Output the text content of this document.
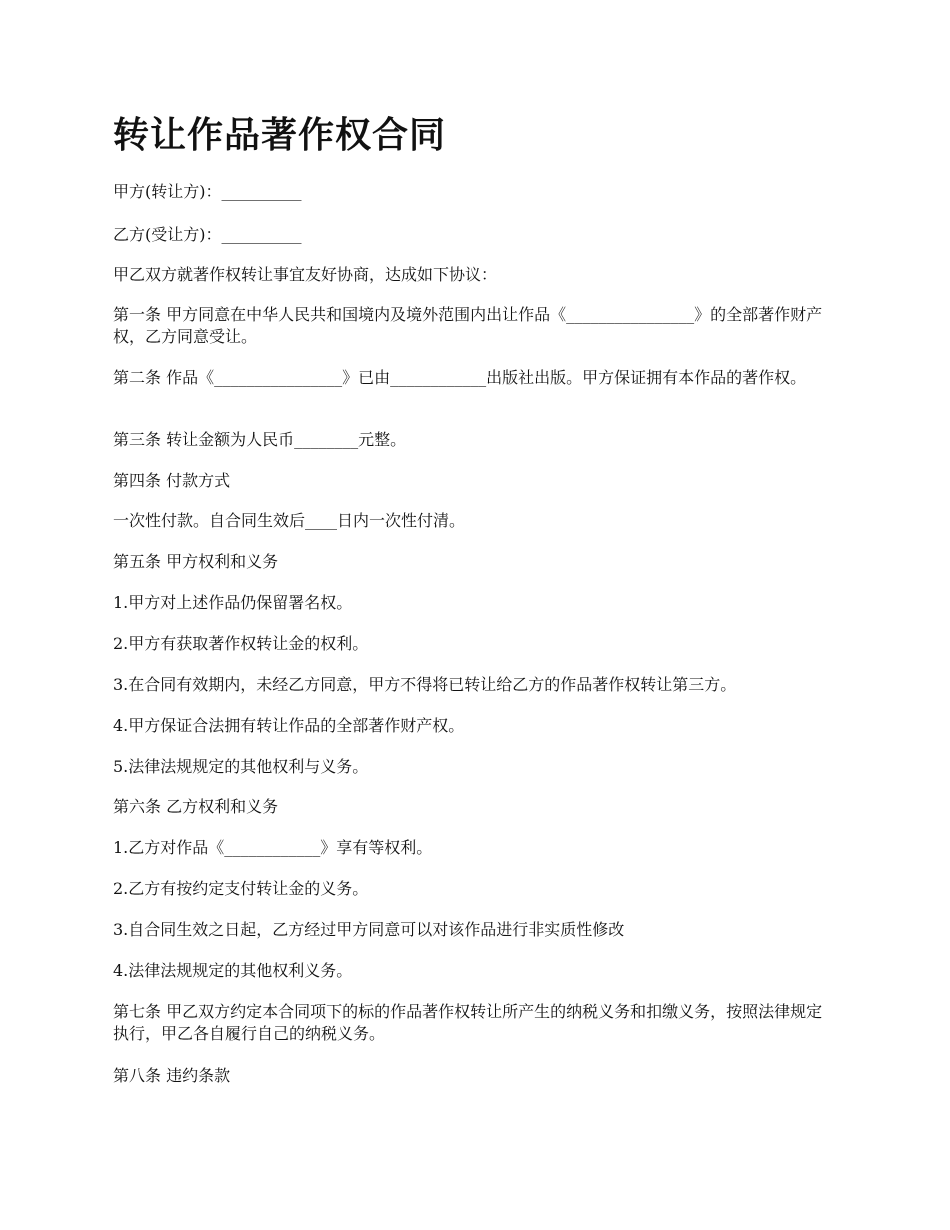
转让作品著作权合同

甲方(转让方)：__________

乙方(受让方)：__________

甲乙双方就著作权转让事宜友好协商，达成如下协议：

第一条 甲方同意在中华人民共和国境内及境外范围内出让作品《________________》的全部著作财产权，乙方同意受让。

第二条 作品《________________》已由____________出版社出版。甲方保证拥有本作品的著作权。

第三条 转让金额为人民币________元整。

第四条 付款方式

一次性付款。自合同生效后____日内一次性付清。

第五条 甲方权利和义务

1.甲方对上述作品仍保留署名权。

2.甲方有获取著作权转让金的权利。

3.在合同有效期内，未经乙方同意，甲方不得将已转让给乙方的作品著作权转让第三方。

4.甲方保证合法拥有转让作品的全部著作财产权。

5.法律法规规定的其他权利与义务。

第六条 乙方权利和义务

1.乙方对作品《____________》享有等权利。

2.乙方有按约定支付转让金的义务。

3.自合同生效之日起，乙方经过甲方同意可以对该作品进行非实质性修改

4.法律法规规定的其他权利义务。

第七条 甲乙双方约定本合同项下的标的作品著作权转让所产生的纳税义务和扣缴义务，按照法律规定执行，甲乙各自履行自己的纳税义务。

第八条 违约条款
